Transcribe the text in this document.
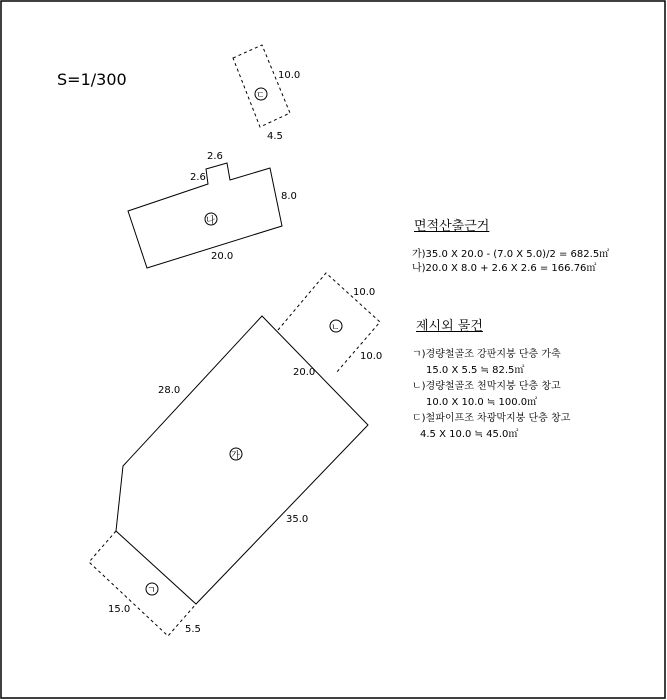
S=1/300	10.0
4.5
2.6
2.6
8.0
20.0
28.0
35.0
20.0
10.0
10.0
15.0
5.5
가
나
ㄴ
ㄱ
ㄷ
면적산출근거
가)35.0 X 20.0 - (7.0 X 5.0)/2 = 682.5㎡
나)20.0 X 8.0 + 2.6 X 2.6 = 166.76㎡
제시외 물건
ㄱ)경량철골조 강판지붕 단층 가축
15.0 X 5.5 ≒ 82.5㎡
ㄴ)경량철골조 천막지붕 단층 창고
10.0 X 10.0 ≒ 100.0㎡
ㄷ)철파이프조 차광막지붕 단층 창고
4.5 X 10.0 ≒ 45.0㎡
